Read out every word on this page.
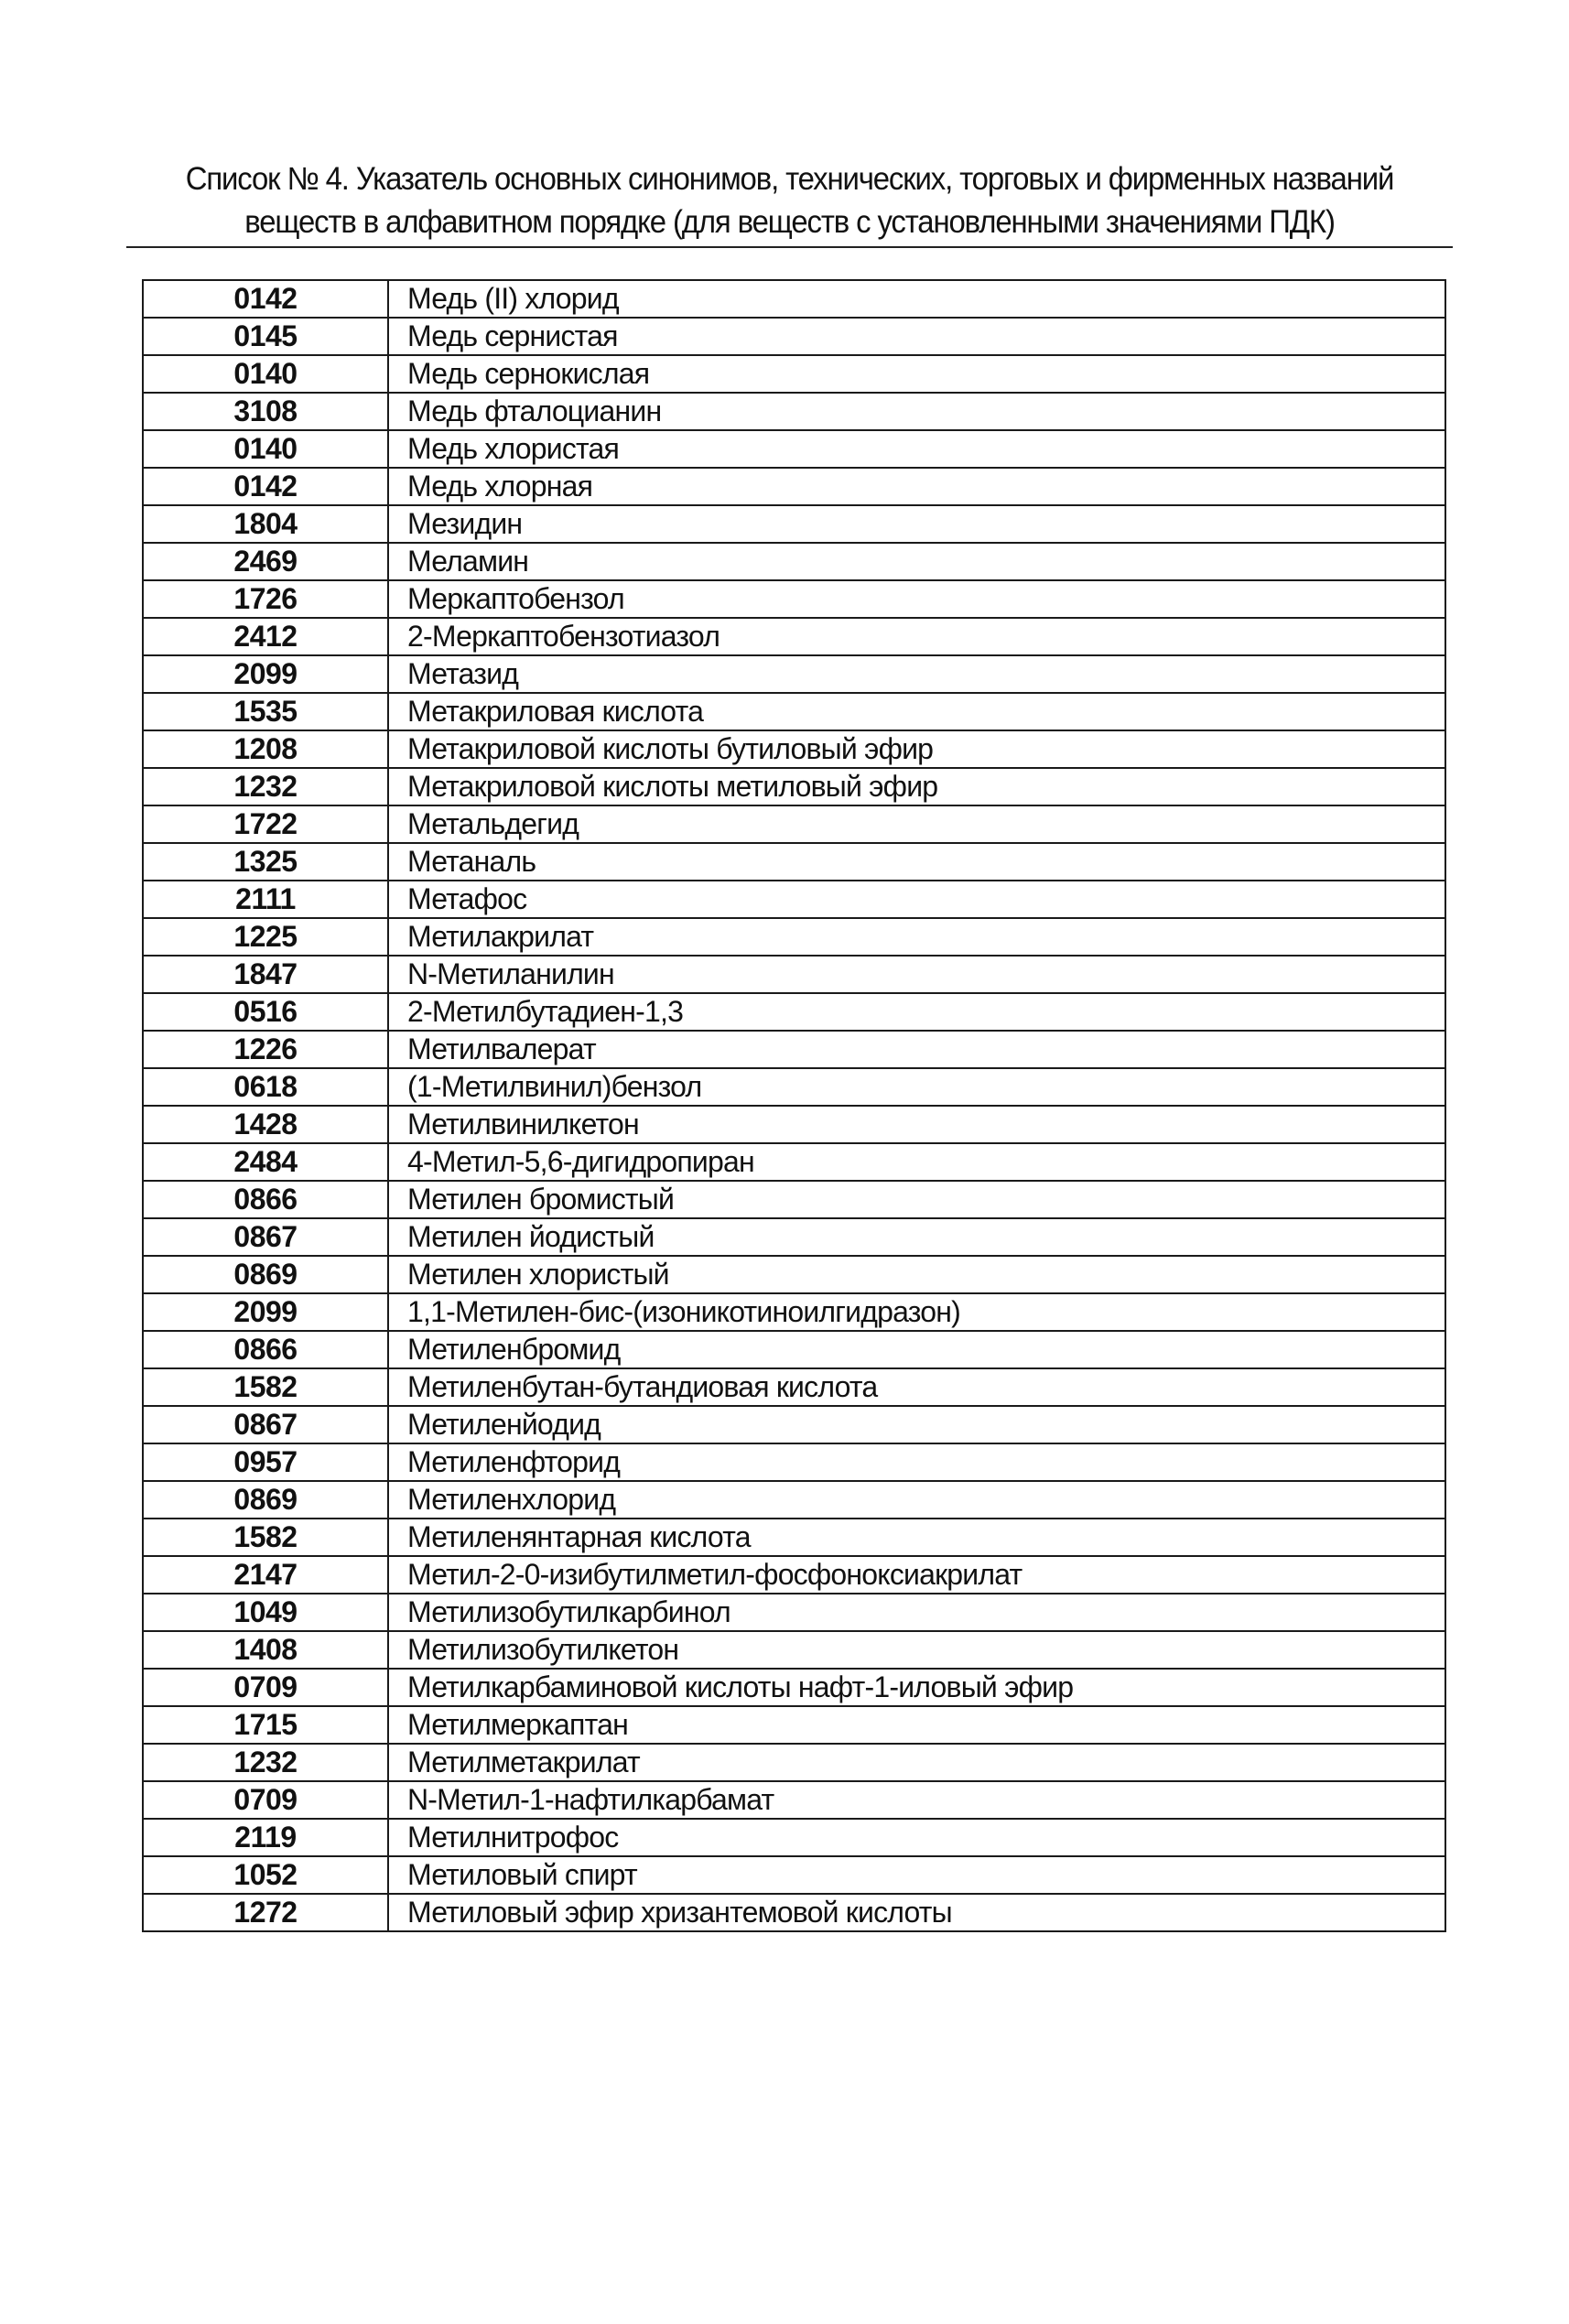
Список № 4. Указатель основных синонимов, технических, торговых и фирменных названий
веществ в алфавитном порядке (для веществ с установленными значениями ПДК)
0142	Медь (II) хлорид
0145	Медь сернистая
0140	Медь сернокислая
3108	Медь фталоцианин
0140	Медь хлористая
0142	Медь хлорная
1804	Мезидин
2469	Меламин
1726	Меркаптобензол
2412	2-Меркаптобензотиазол
2099	Метазид
1535	Метакриловая кислота
1208	Метакриловой кислоты бутиловый эфир
1232	Метакриловой кислоты метиловый эфир
1722	Метальдегид
1325	Метаналь
2111	Метафос
1225	Метилакрилат
1847	N-Метиланилин
0516	2-Метилбутадиен-1,3
1226	Метилвалерат
0618	(1-Метилвинил)бензол
1428	Метилвинилкетон
2484	4-Метил-5,6-дигидропиран
0866	Метилен бромистый
0867	Метилен йодистый
0869	Метилен хлористый
2099	1,1-Метилен-бис-(изоникотиноилгидразон)
0866	Метиленбромид
1582	Метиленбутан-бутандиовая кислота
0867	Метиленйодид
0957	Метиленфторид
0869	Метиленхлорид
1582	Метиленянтарная кислота
2147	Метил-2-0-изибутилметил-фосфоноксиакрилат
1049	Метилизобутилкарбинол
1408	Метилизобутилкетон
0709	Метилкарбаминовой кислоты нафт-1-иловый эфир
1715	Метилмеркаптан
1232	Метилметакрилат
0709	N-Метил-1-нафтилкарбамат
2119	Метилнитрофос
1052	Метиловый спирт
1272	Метиловый эфир хризантемовой кислоты
